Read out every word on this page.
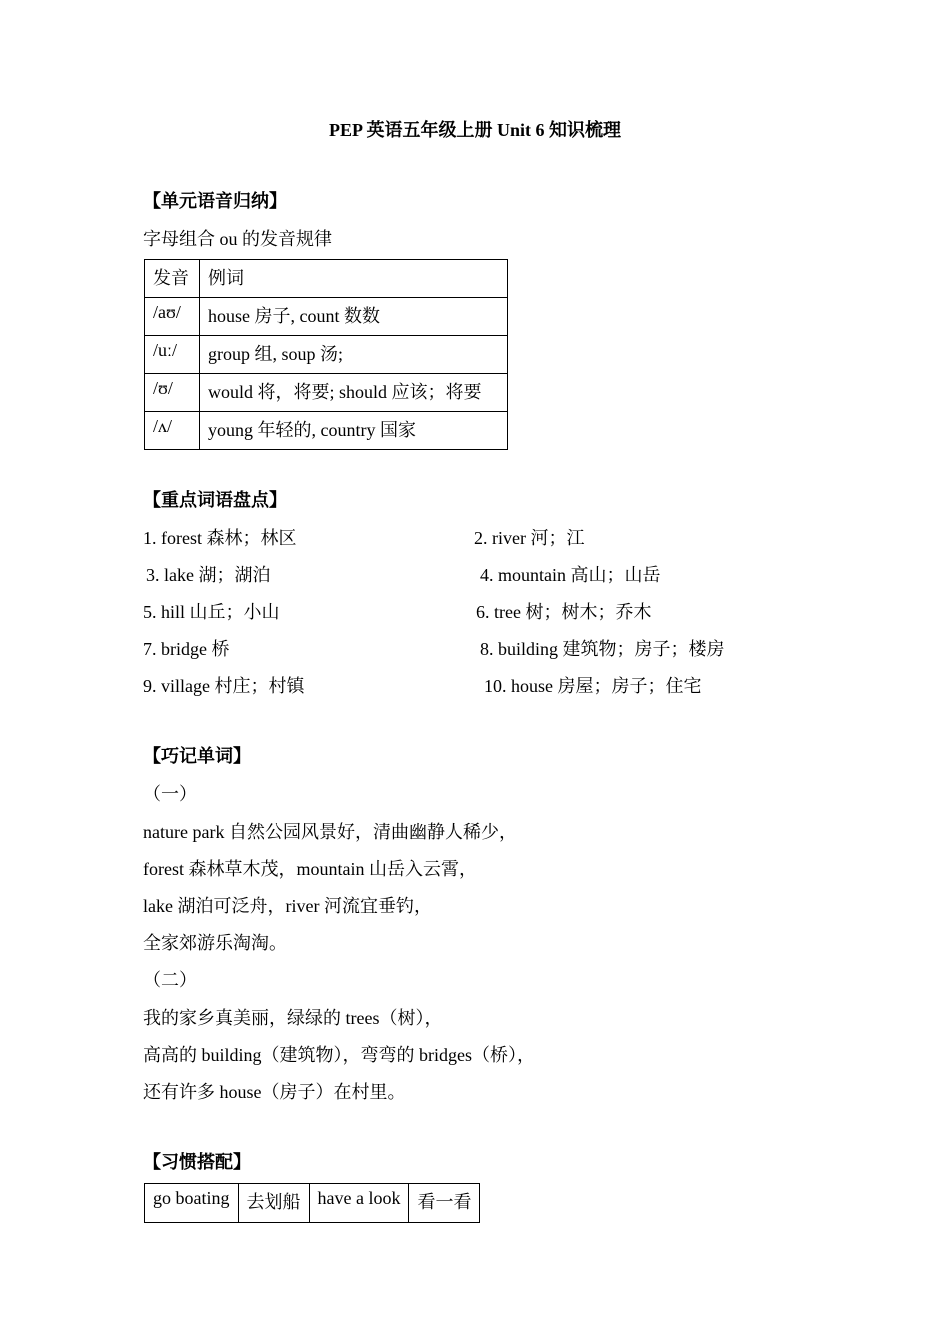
PEP 英语五年级上册 Unit 6 知识梳理
【单元语音归纳】
字母组合 ou 的发音规律
发音	例词
/aʊ/	house 房子, count 数数
/uː/	group 组, soup 汤;
/ʊ/	would 将，将要; should 应该；将要
/ʌ/	young 年轻的, country 国家
【重点词语盘点】
1. forest 森林；林区	2. river 河；江
3. lake 湖；湖泊	4. mountain 高山；山岳
5. hill 山丘；小山	6. tree 树；树木；乔木
7. bridge 桥	8. building 建筑物；房子；楼房
9. village 村庄；村镇	10. house 房屋；房子；住宅
【巧记单词】
（一）
nature park 自然公园风景好，清曲幽静人稀少，
forest 森林草木茂，mountain 山岳入云霄，
lake 湖泊可泛舟，river 河流宜垂钓，
全家郊游乐淘淘。
（二）
我的家乡真美丽，绿绿的 trees（树），
高高的 building（建筑物），弯弯的 bridges（桥），
还有许多 house（房子）在村里。
【习惯搭配】
go boating	去划船	have a look	看一看
